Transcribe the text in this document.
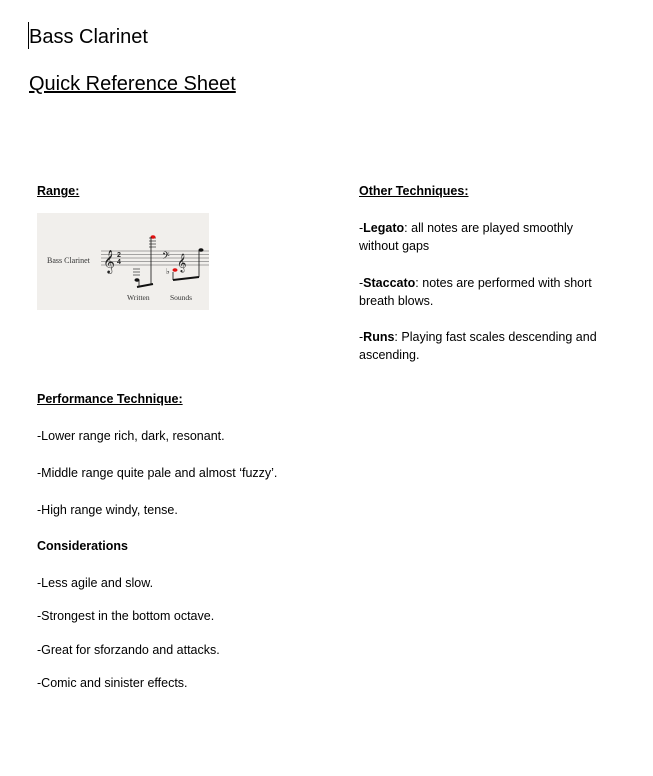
Bass Clarinet
Quick Reference Sheet
Range:
Bass Clarinet 𝄞 2
4	𝄢
♭ 𝄞
Written	Sounds
Other Techniques:
-Legato: all notes are played smoothly
without gaps
-Staccato: notes are performed with short
breath blows.
-Runs: Playing fast scales descending and
ascending.
Performance Technique:
-Lower range rich, dark, resonant.
-Middle range quite pale and almost ‘fuzzy’.
-High range windy, tense.
Considerations
-Less agile and slow.
-Strongest in the bottom octave.
-Great for sforzando and attacks.
-Comic and sinister effects.
